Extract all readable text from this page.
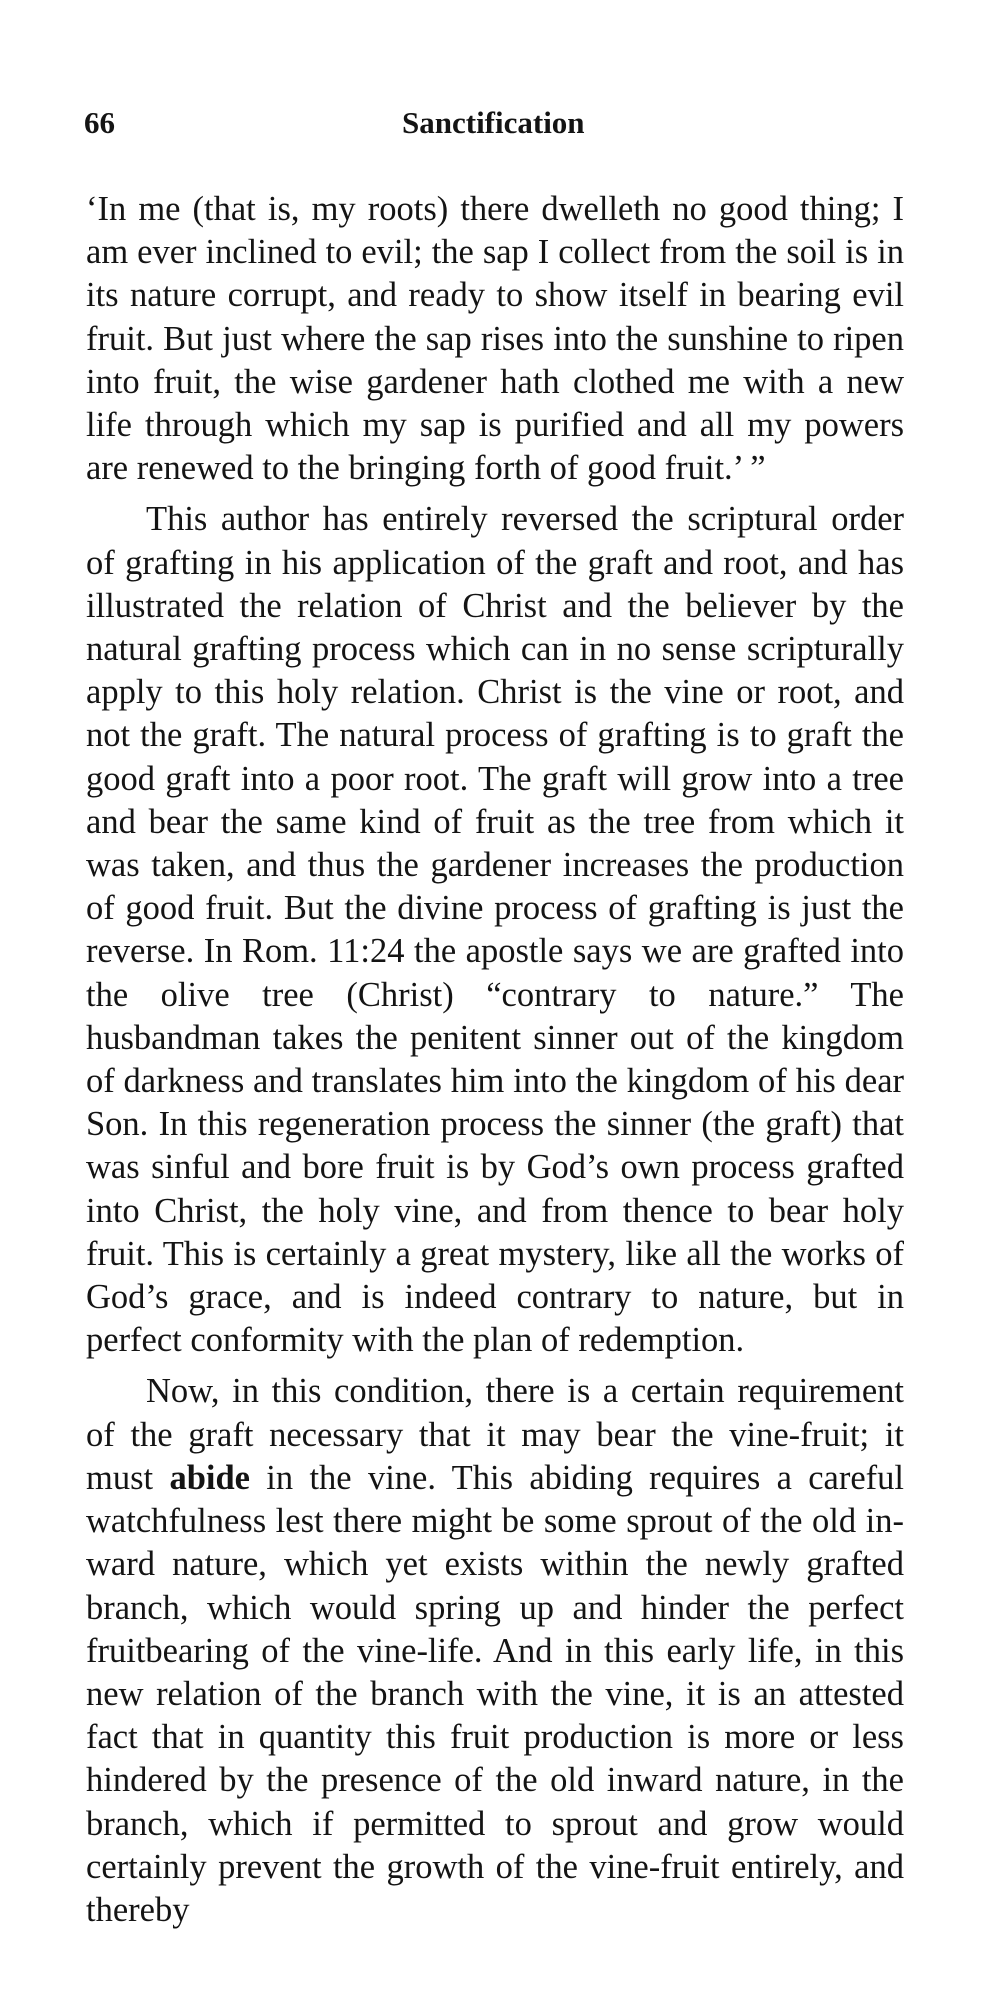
66	Sanctification

‘In me (that is, my roots) there dwelleth no good thing; I am ever inclined to evil; the sap I collect from the soil is in its nature corrupt, and ready to show itself in bearing evil fruit. But just where the sap rises into the sunshine to ripen into fruit, the wise gardener hath clothed me with a new life through which my sap is purified and all my powers are renewed to the bringing forth of good fruit.’ ”

This author has entirely reversed the scriptural order of grafting in his application of the graft and root, and has illustrated the relation of Christ and the believer by the natural grafting process which can in no sense scripturally apply to this holy relation. Christ is the vine or root, and not the graft. The natural process of grafting is to graft the good graft into a poor root. The graft will grow into a tree and bear the same kind of fruit as the tree from which it was taken, and thus the gardener increases the production of good fruit. But the divine process of grafting is just the reverse. In Rom. 11:24 the apostle says we are grafted into the olive tree (Christ) “contrary to nature.” The husbandman takes the penitent sinner out of the kingdom of darkness and translates him into the kingdom of his dear Son. In this regeneration process the sinner (the graft) that was sinful and bore fruit is by God’s own process grafted into Christ, the holy vine, and from thence to bear holy fruit. This is certainly a great mystery, like all the works of God’s grace, and is indeed contrary to nature, but in perfect conformity with the plan of redemption.

Now, in this condition, there is a certain requirement of the graft necessary that it may bear the vine-fruit; it must abide in the vine. This abiding requires a careful watchfulness lest there might be some sprout of the old inward nature, which yet exists within the newly grafted branch, which would spring up and hinder the perfect fruitbearing of the vine-life. And in this early life, in this new relation of the branch with the vine, it is an attested fact that in quantity this fruit production is more or less hindered by the presence of the old inward nature, in the branch, which if permitted to sprout and grow would certainly prevent the growth of the vine-fruit entirely, and thereby
